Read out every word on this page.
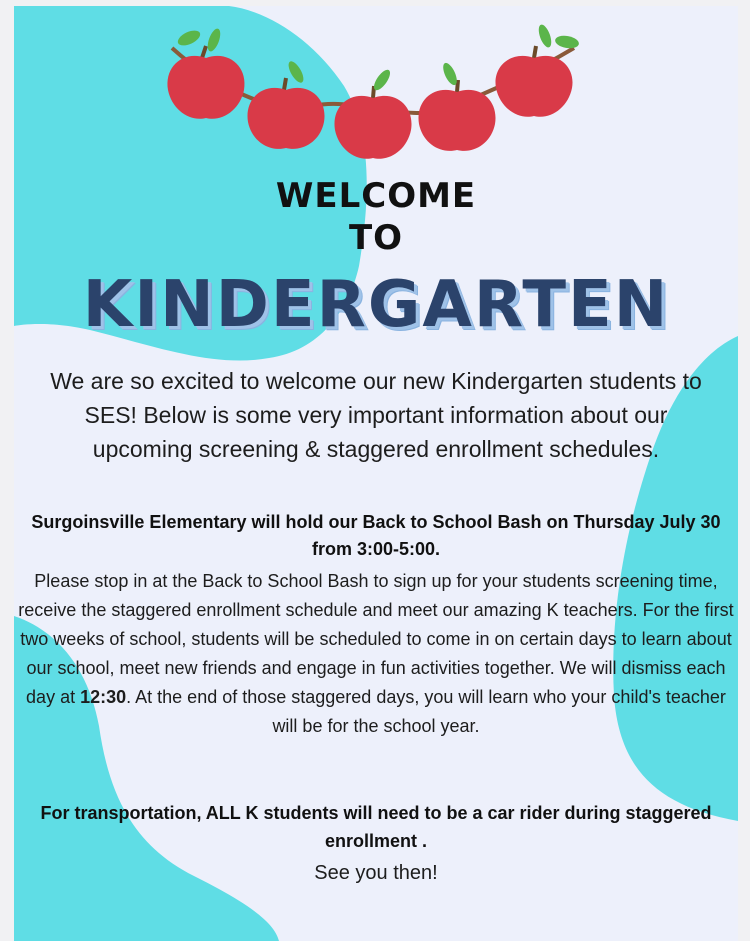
WELCOME
TO
KINDERGARTEN

We are so excited to welcome our new Kindergarten students to SES! Below is some very important information about our upcoming screening & staggered enrollment schedules.

Surgoinsville Elementary will hold our Back to School Bash on Thursday July 30 from 3:00-5:00.

Please stop in at the Back to School Bash to sign up for your students screening time, receive the staggered enrollment schedule and meet our amazing K teachers. For the first two weeks of school, students will be scheduled to come in on certain days to learn about our school, meet new friends and engage in fun activities together. We will dismiss each day at 12:30. At the end of those staggered days, you will learn who your child's teacher will be for the school year.

For transportation, ALL K students will need to be a car rider during staggered enrollment .

See you then!
